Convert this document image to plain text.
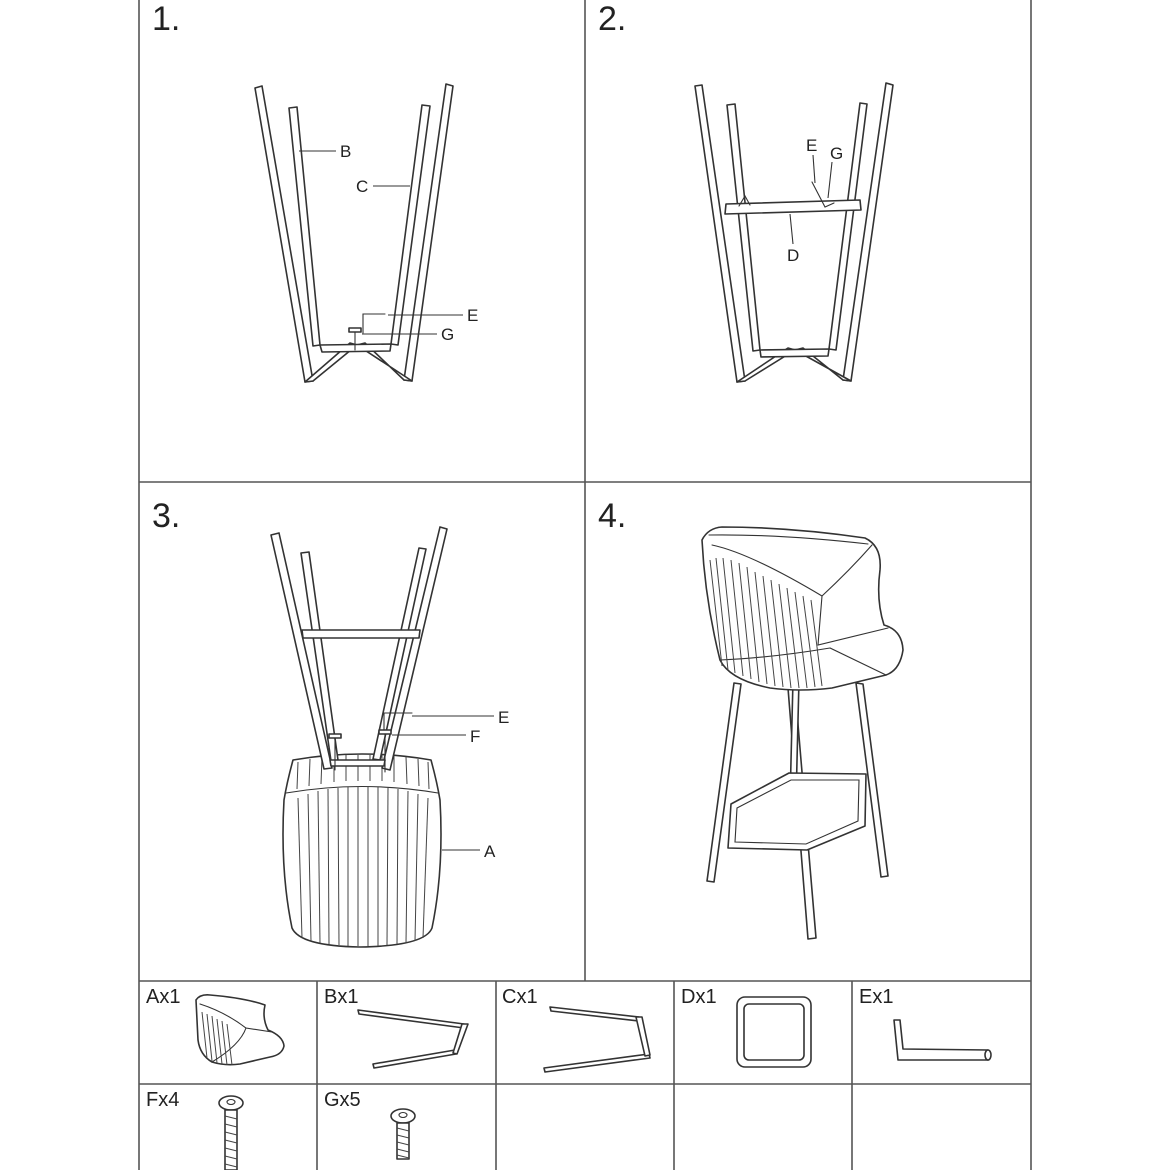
1.
B
C
E
G
2.
E G
D
3.
E
F
A
4.
Ax1	Bx1	Cx1	Dx1	Ex1
Fx4	Gx5
